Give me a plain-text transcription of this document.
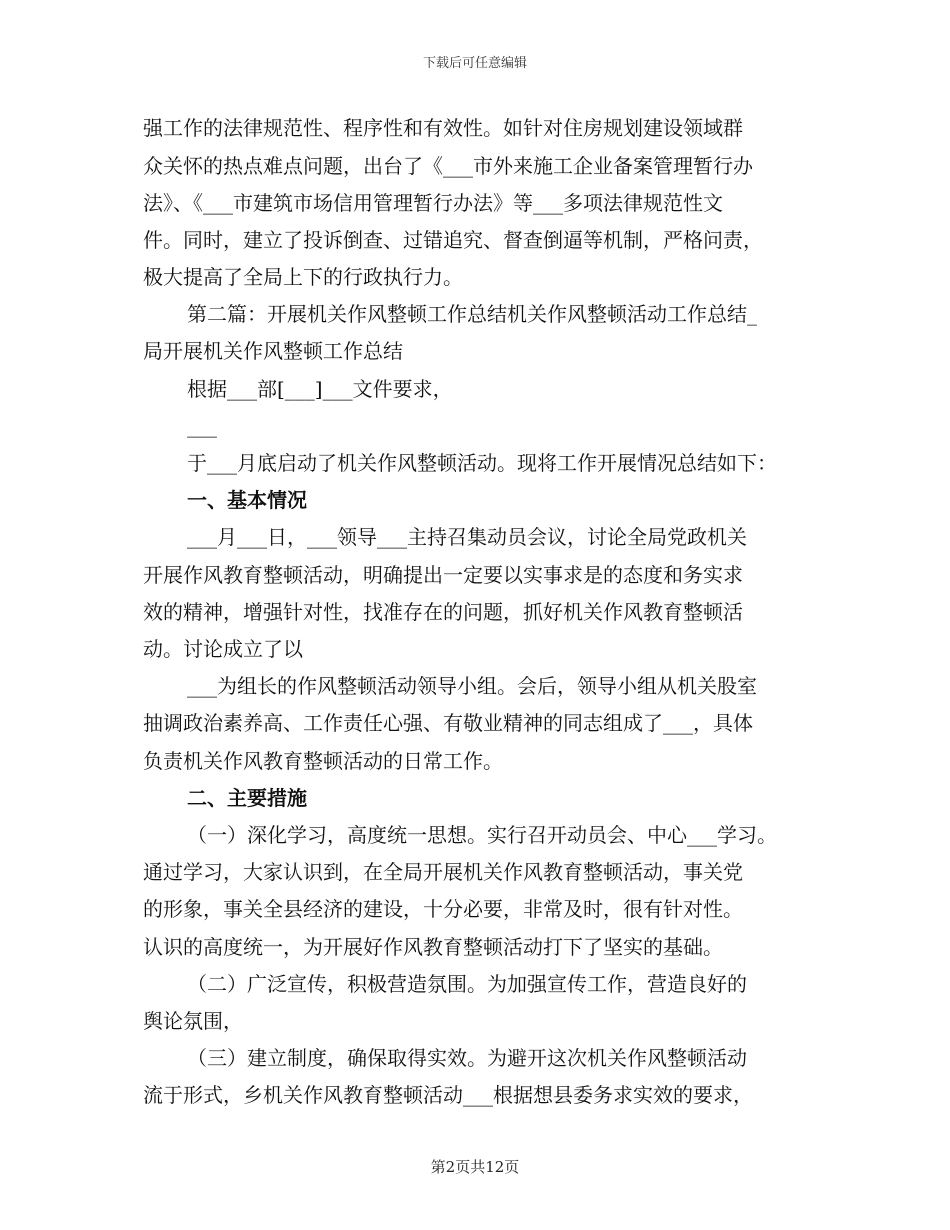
下载后可任意编辑
强工作的法律规范性、程序性和有效性。如针对住房规划建设领域群
众关怀的热点难点问题，出台了《___市外来施工企业备案管理暂行办
法》、《___市建筑市场信用管理暂行办法》等___多项法律规范性文
件。同时，建立了投诉倒查、过错追究、督查倒逼等机制，严格问责，
极大提高了全局上下的行政执行力。
第二篇：开展机关作风整顿工作总结机关作风整顿活动工作总结_
局开展机关作风整顿工作总结
根据___部[___]___文件要求，
___
于___月底启动了机关作风整顿活动。现将工作开展情况总结如下：
一、基本情况
___月___日，___领导___主持召集动员会议，讨论全局党政机关
开展作风教育整顿活动，明确提出一定要以实事求是的态度和务实求
效的精神，增强针对性，找准存在的问题，抓好机关作风教育整顿活
动。讨论成立了以
___为组长的作风整顿活动领导小组。会后，领导小组从机关股室
抽调政治素养高、工作责任心强、有敬业精神的同志组成了___，具体
负责机关作风教育整顿活动的日常工作。
二、主要措施
（一）深化学习，高度统一思想。实行召开动员会、中心___学习。
通过学习，大家认识到，在全局开展机关作风教育整顿活动，事关党
的形象，事关全县经济的建设，十分必要，非常及时，很有针对性。
认识的高度统一，为开展好作风教育整顿活动打下了坚实的基础。
（二）广泛宣传，积极营造氛围。为加强宣传工作，营造良好的
舆论氛围，
（三）建立制度，确保取得实效。为避开这次机关作风整顿活动
流于形式，乡机关作风教育整顿活动___根据想县委务求实效的要求，
第2页共12页
